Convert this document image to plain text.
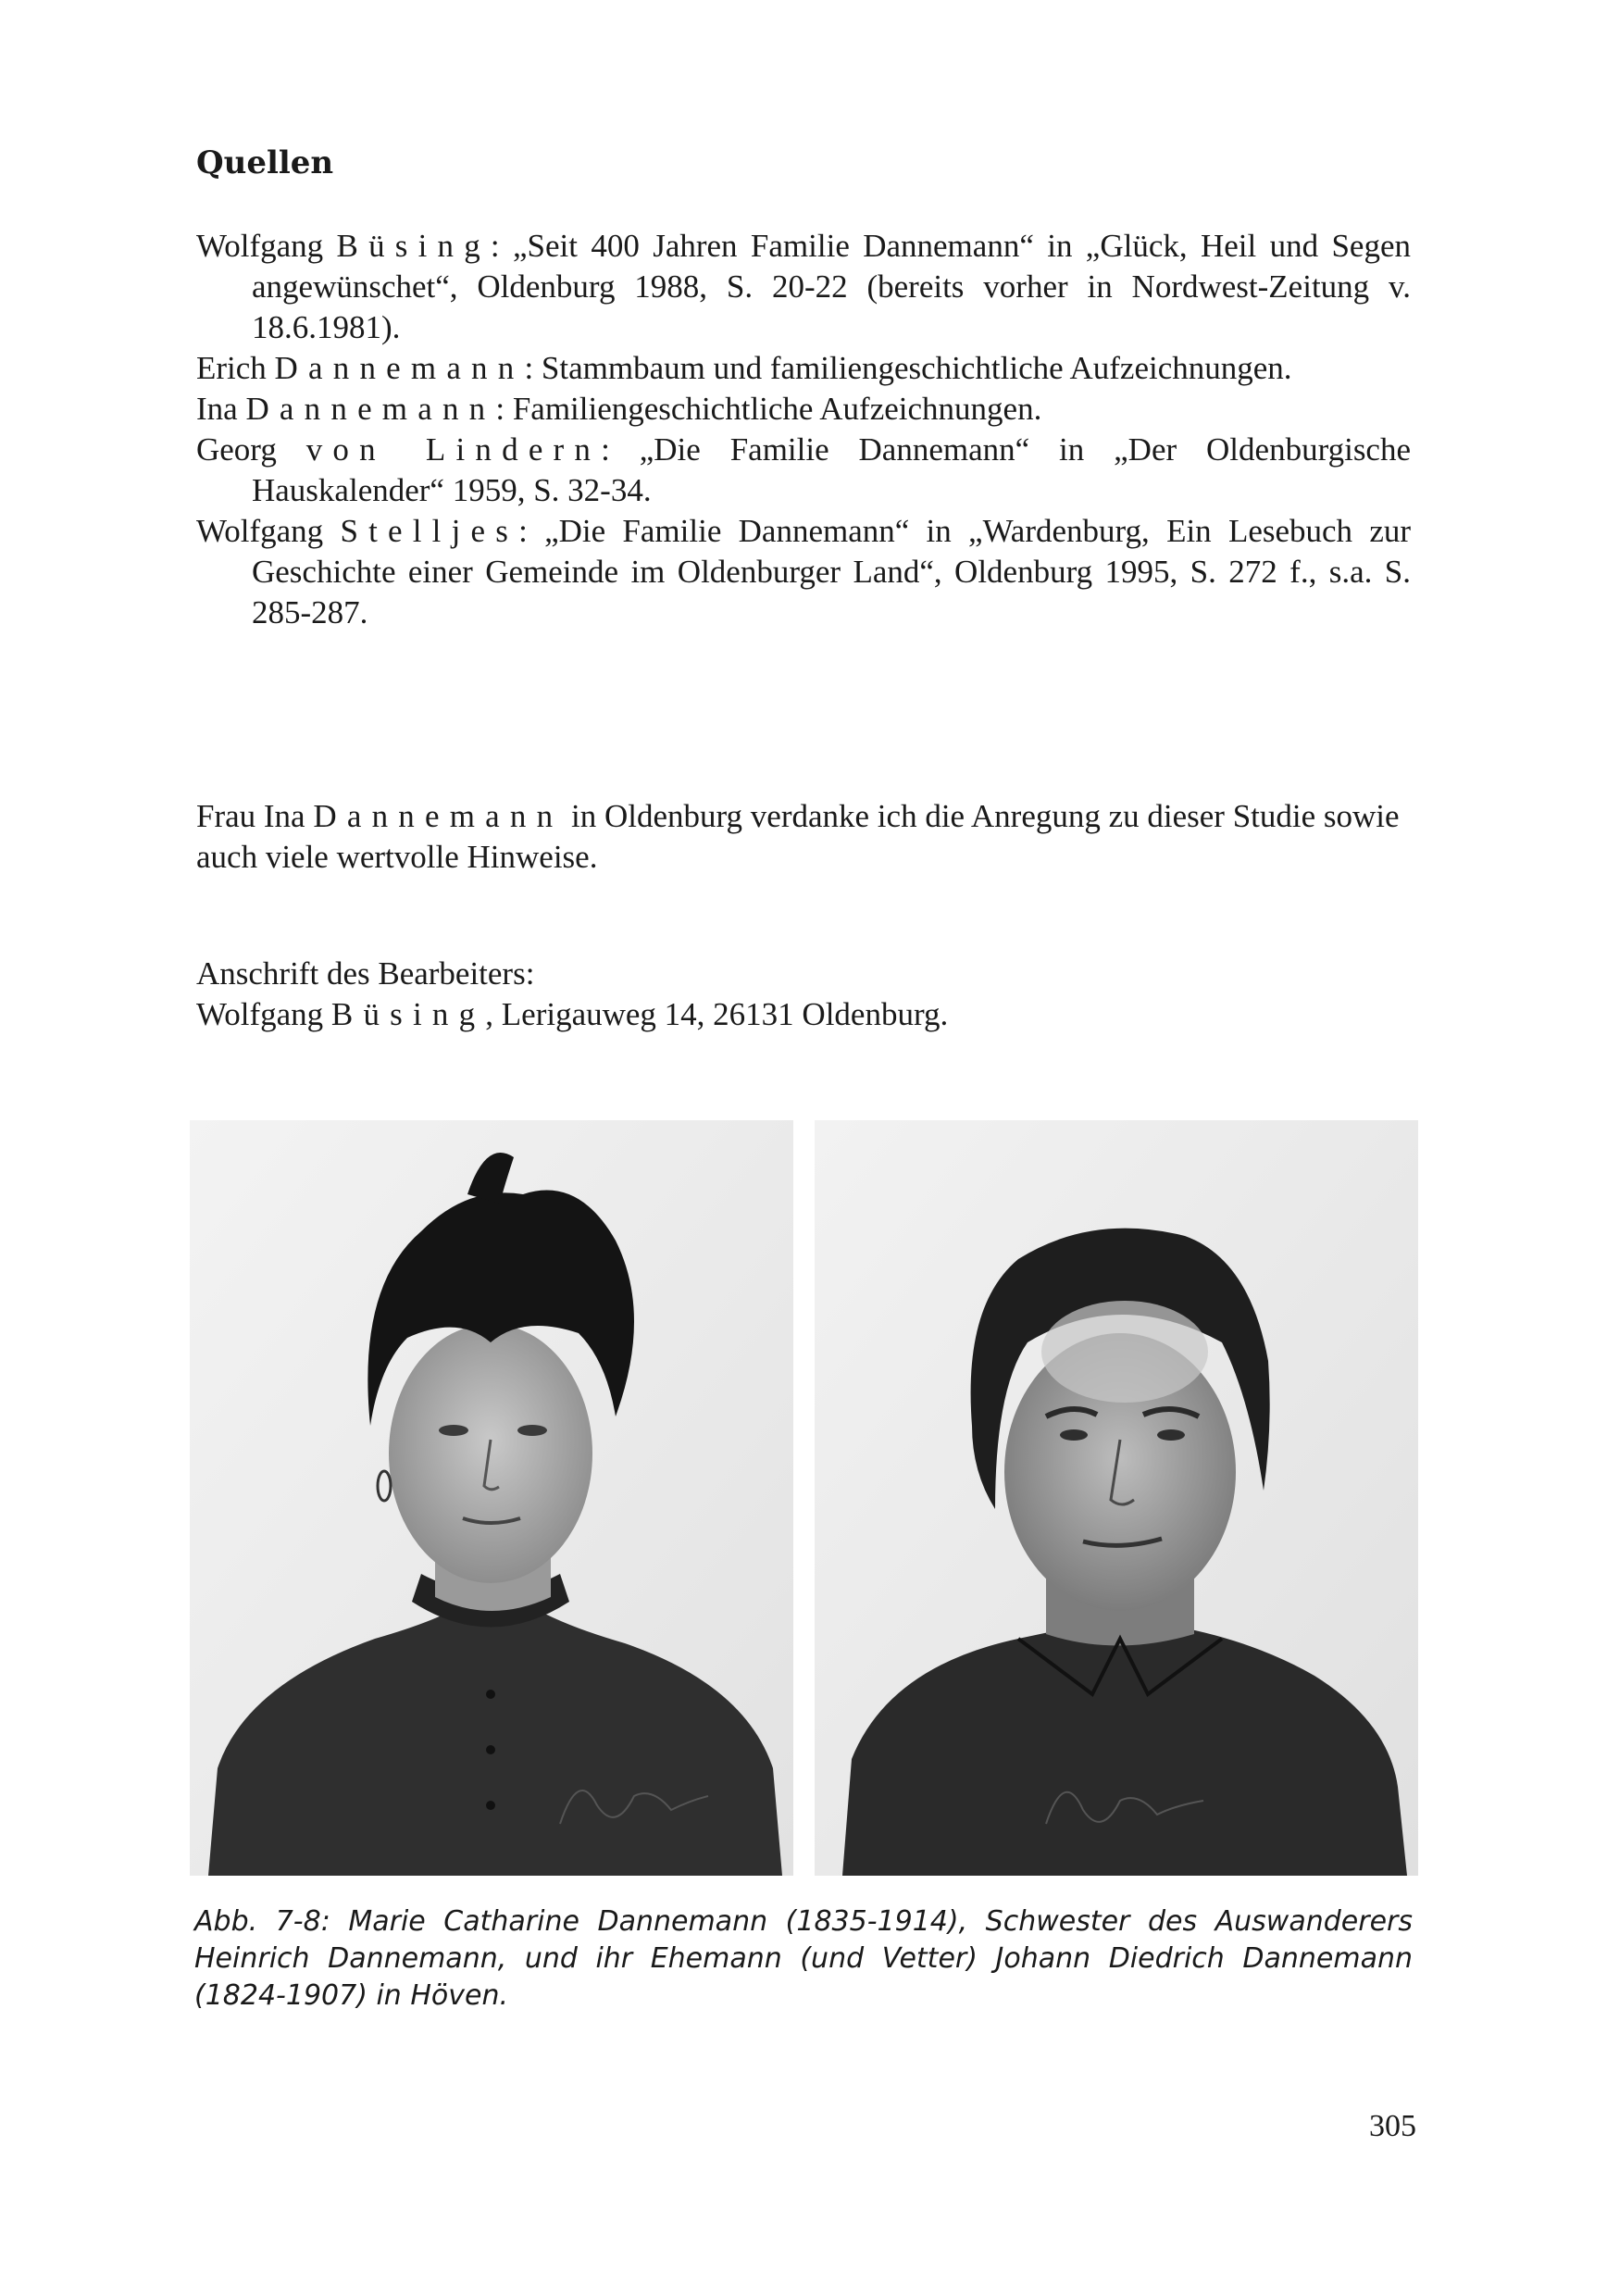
Quellen

Wolfgang Büsing: „Seit 400 Jahren Familie Dannemann“ in „Glück, Heil und Segen angewünschet“, Oldenburg 1988, S. 20-22 (bereits vorher in Nordwest-Zeitung v. 18.6.1981).

Erich Dannemann: Stammbaum und familiengeschichtliche Aufzeichnungen.

Ina Dannemann: Familiengeschichtliche Aufzeichnungen.

Georg von Lindern: „Die Familie Dannemann“ in „Der Oldenburgische Hauskalender“ 1959, S. 32-34.

Wolfgang Stelljes: „Die Familie Dannemann“ in „Wardenburg, Ein Lesebuch zur Geschichte einer Gemeinde im Oldenburger Land“, Oldenburg 1995, S. 272 f., s.a. S. 285-287.

Frau Ina Dannemann in Oldenburg verdanke ich die Anregung zu dieser Studie sowie auch viele wertvolle Hinweise.

Anschrift des Bearbeiters:
Wolfgang Büsing, Lerigauweg 14, 26131 Oldenburg.

Abb. 7-8: Marie Catharine Dannemann (1835-1914), Schwester des Auswanderers Heinrich Dannemann, und ihr Ehemann (und Vetter) Johann Diedrich Dannemann (1824-1907) in Höven.

305
